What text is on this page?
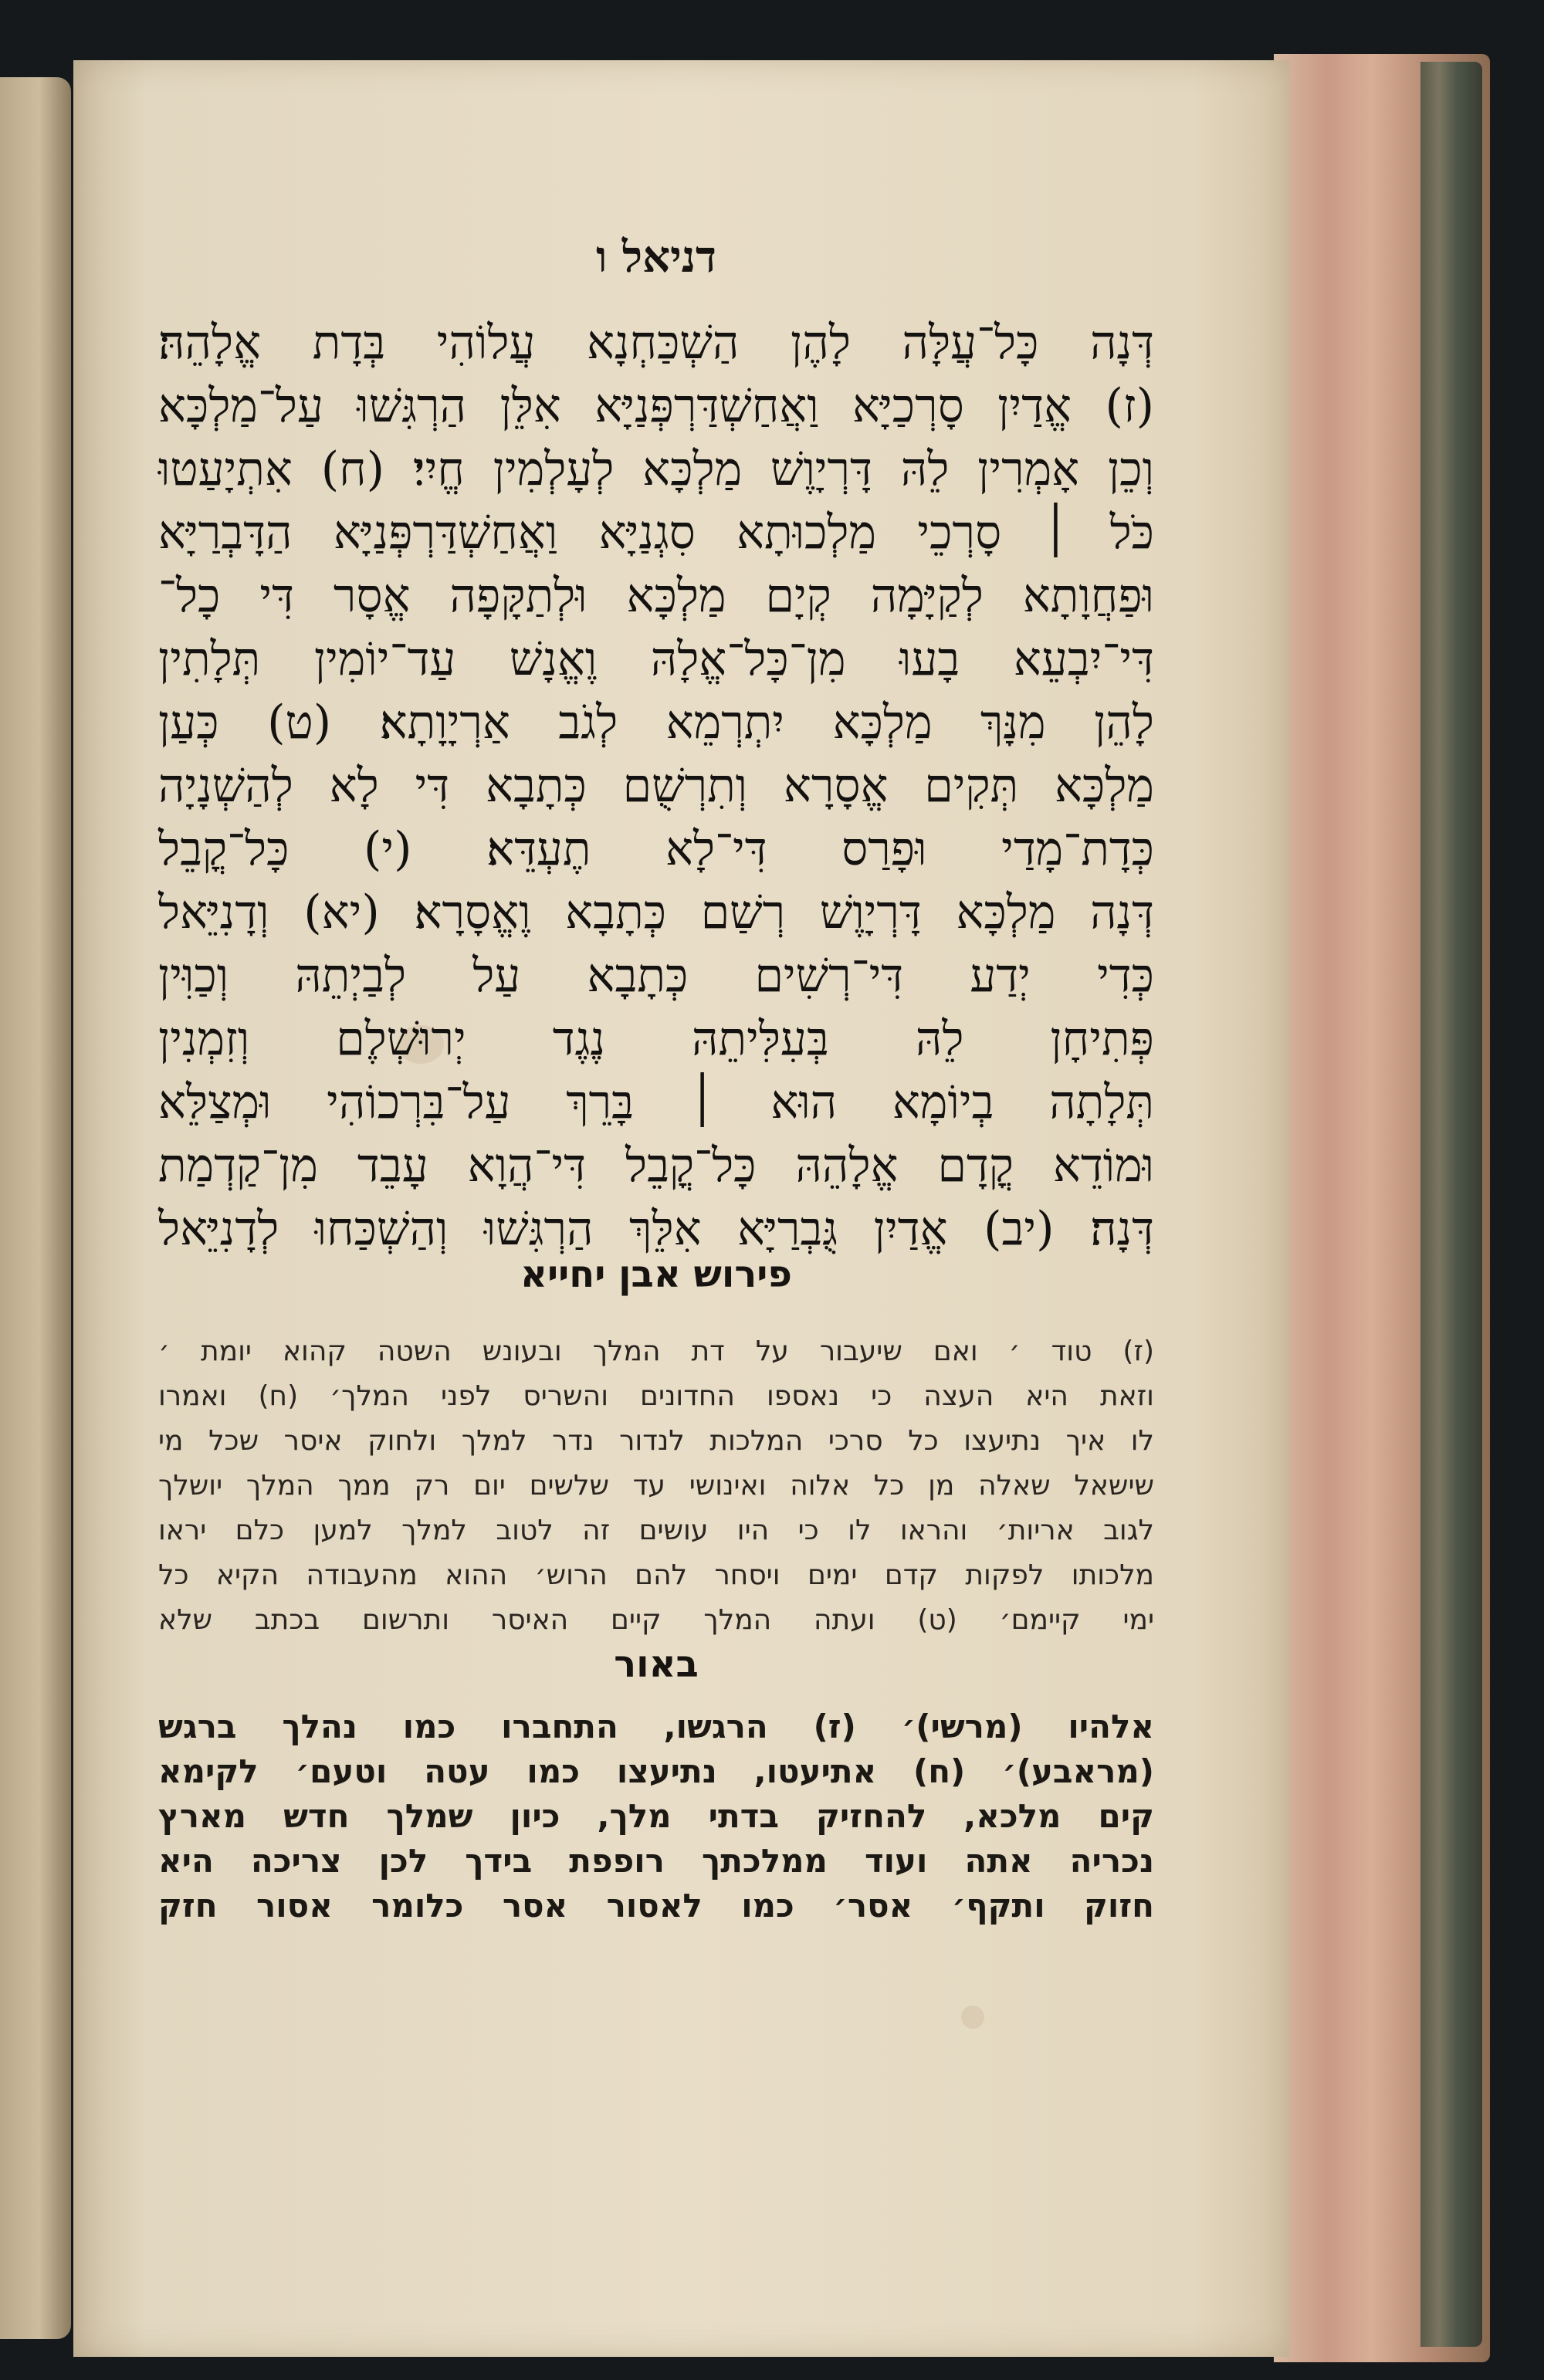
דניאל ו
דְּנָה כָּל־עֲלָּה לָהֶן הַשְׁכַּחְנָא עֲלוֹהִי בְּדָת אֱלָהֵהּ׃
(ז) אֱדַיִן סָרְכַיָּא וַאֲחַשְׁדַּרְפְּנַיָּא אִלֵּן הַרְגִּשׁוּ עַל־מַלְכָּא
וְכֵן אָמְרִין לֵהּ דָּרְיָוֶשׁ מַלְכָּא לְעָלְמִין חֱיִי׃ (ח) אִתְיָעַטוּ
כֹּל ׀ סָרְכֵי מַלְכוּתָא סִגְנַיָּא וַאֲחַשְׁדַּרְפְּנַיָּא הַדָּבְרַיָּא
וּפַחֲוָתָא לְקַיָּמָה קְיָם מַלְכָּא וּלְתַקָּפָה אֱסָר דִּי כָל־
דִּי־יִבְעֵא בָעוּ מִן־כָּל־אֱלָהּ וֶאֱנָשׁ עַד־יוֹמִין תְּלָתִין
לָהֵן מִנָּךְ מַלְכָּא יִתְרְמֵא לְגֹב אַרְיָוָתָא׃ (ט) כְּעַן
מַלְכָּא תְּקִים אֱסָרָא וְתִרְשֻׁם כְּתָבָא דִּי לָא לְהַשְׁנָיָה
כְּדָת־מָדַי וּפָרַס דִּי־לָא תֶעְדֵּא׃ (י) כָּל־קֳבֵל
דְּנָה מַלְכָּא דָּרְיָוֶשׁ רְשַׁם כְּתָבָא וֶאֱסָרָא׃ (יא) וְדָנִיֵּאל
כְּדִי יְדַע דִּי־רְשִׁים כְּתָבָא עַל לְבַיְתֵהּ וְכַוִּין
פְּתִיחָן לֵהּ בְּעִלִּיתֵהּ נֶגֶד יְרוּשְׁלֶם וְזִמְנִין
תְּלָתָה בְיוֹמָא הוּא ׀ בָּרֵךְ עַל־בִּרְכוֹהִי וּמְצַלֵּא
וּמוֹדֵא קֳדָם אֱלָהֵהּ כָּל־קֳבֵל דִּי־הֲוָא עָבֵד מִן־קַדְמַת
דְּנָה׃ (יב) אֱדַיִן גֻּבְרַיָּא אִלֵּךְ הַרְגִּשׁוּ וְהַשְׁכַּחוּ לְדָנִיֵּאל
פירוש אבן יחייא
(ז) טוד ׳ ואם שיעבור על דת המלך ובעונש השטה קהוא יומת ׳
וזאת היא העצה כי נאספו החדונים והשריס לפני המלך׳ (ח) ואמרו
לו איך נתיעצו כל סרכי המלכות לנדור נדר למלך ולחוק איסר שכל מי
שישאל שאלה מן כל אלוה ואינושי עד שלשים יום רק ממך המלך יושלך
לגוב אריות׳ והראו לו כי היו עושים זה לטוב למלך למען כלם יראו
מלכותו לפקות קדם ימים ויסחר להם הרוש׳ ההוא מהעבודה הקיא כל
ימי קיימם׳ (ט) ועתה המלך קיים האיסר ותרשום בכתב שלא
באור
אלהיו (מרשי)׳ (ז) הרגשו, התחברו כמו נהלך ברגש
(מראבע)׳ (ח) אתיעטו, נתיעצו כמו עטה וטעם׳ לקימא
קים מלכא, להחזיק בדתי מלך, כיון שמלך חדש מארץ
נכריה אתה ועוד ממלכתך רופפת בידך לכן צריכה היא
חזוק ותקף׳ אסר׳ כמו לאסור אסר כלומר אסור חזק
